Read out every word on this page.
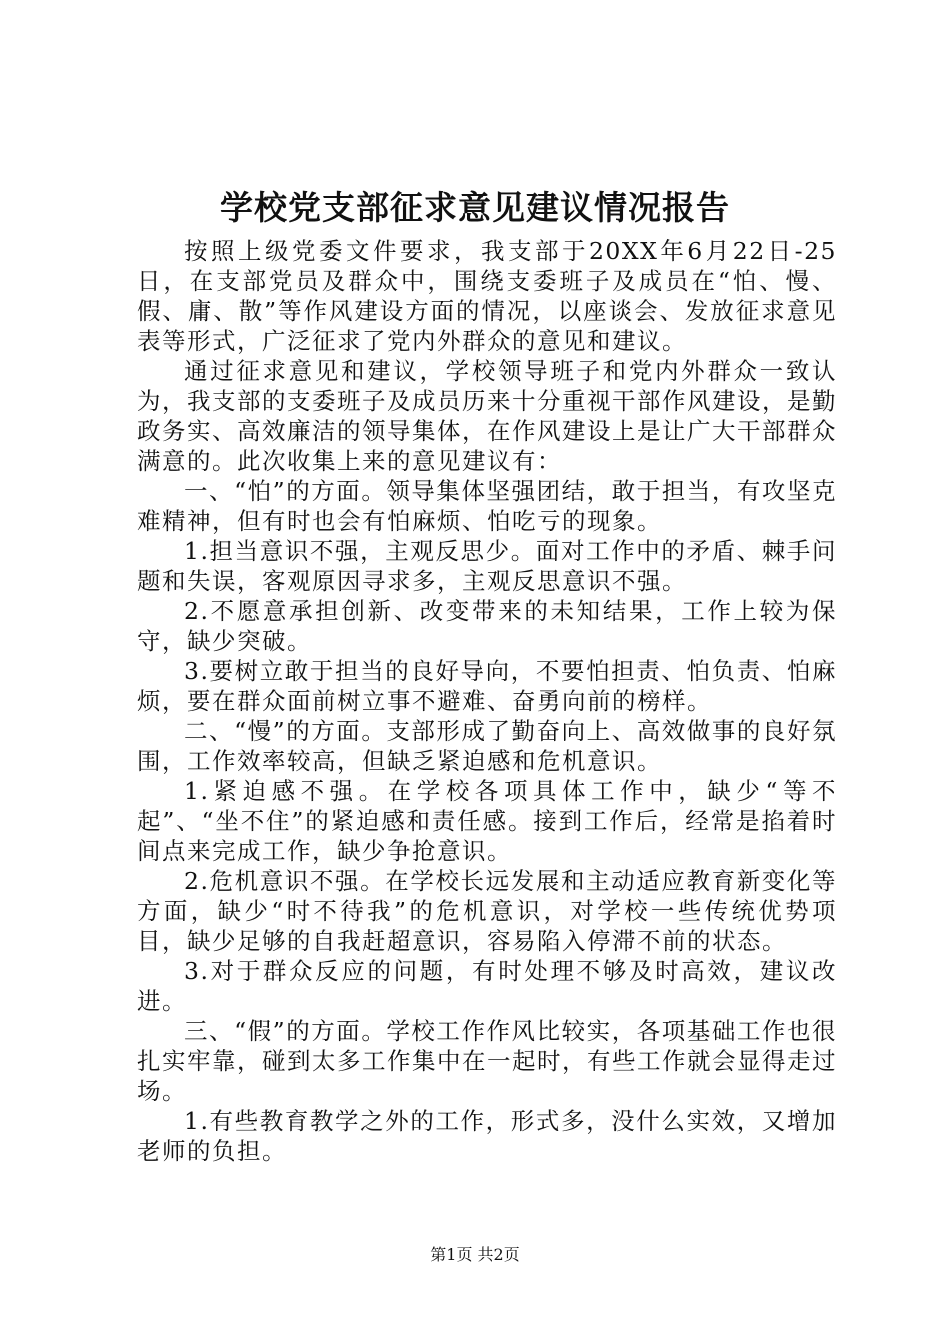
学校党支部征求意见建议情况报告

按照上级党委文件要求，我支部于20XX年6月22日-25日，在支部党员及群众中，围绕支委班子及成员在“怕、慢、假、庸、散”等作风建设方面的情况，以座谈会、发放征求意见表等形式，广泛征求了党内外群众的意见和建议。

通过征求意见和建议，学校领导班子和党内外群众一致认为，我支部的支委班子及成员历来十分重视干部作风建设，是勤政务实、高效廉洁的领导集体，在作风建设上是让广大干部群众满意的。此次收集上来的意见建议有：

一、“怕”的方面。领导集体坚强团结，敢于担当，有攻坚克难精神，但有时也会有怕麻烦、怕吃亏的现象。

1.担当意识不强，主观反思少。面对工作中的矛盾、棘手问题和失误，客观原因寻求多，主观反思意识不强。

2.不愿意承担创新、改变带来的未知结果，工作上较为保守，缺少突破。

3.要树立敢于担当的良好导向，不要怕担责、怕负责、怕麻烦，要在群众面前树立事不避难、奋勇向前的榜样。

二、“慢”的方面。支部形成了勤奋向上、高效做事的良好氛围，工作效率较高，但缺乏紧迫感和危机意识。

1.紧迫感不强。在学校各项具体工作中，缺少“等不起”、“坐不住”的紧迫感和责任感。接到工作后，经常是掐着时间点来完成工作，缺少争抢意识。

2.危机意识不强。在学校长远发展和主动适应教育新变化等方面，缺少“时不待我”的危机意识，对学校一些传统优势项目，缺少足够的自我赶超意识，容易陷入停滞不前的状态。

3.对于群众反应的问题，有时处理不够及时高效，建议改进。

三、“假”的方面。学校工作作风比较实，各项基础工作也很扎实牢靠，碰到太多工作集中在一起时，有些工作就会显得走过场。

1.有些教育教学之外的工作，形式多，没什么实效，又增加老师的负担。

第1页 共2页
